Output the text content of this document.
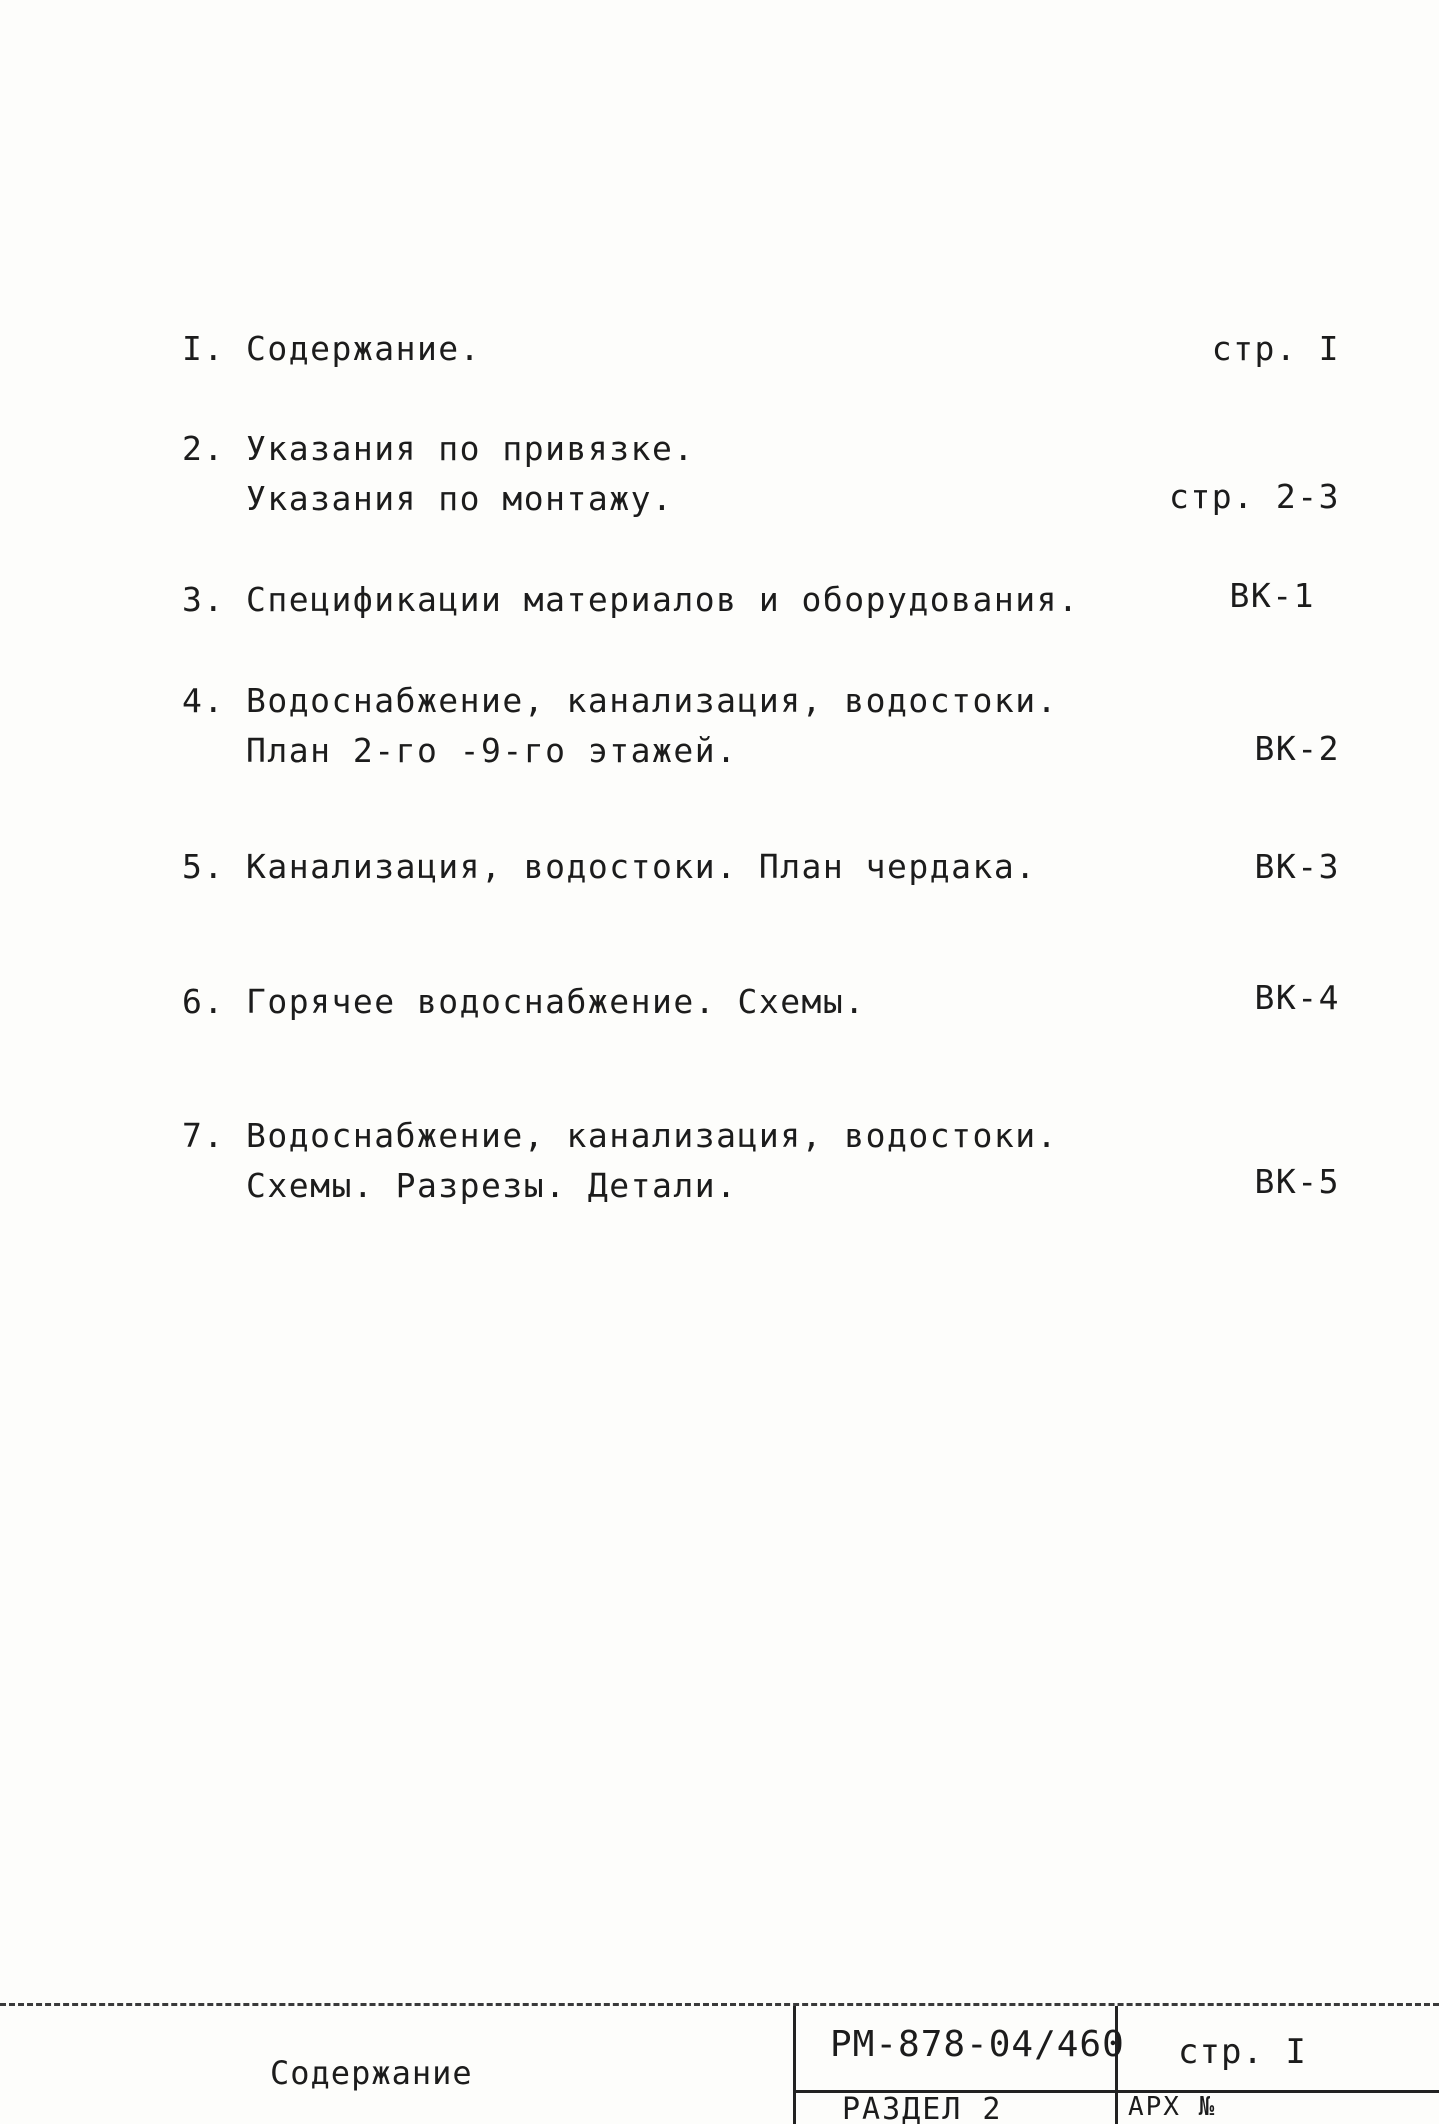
I. Содержание.	стр. I
2. Указания по привязке.
Указания по монтажу.	стр. 2-3
3. Спецификации материалов и оборудования.	ВК-1
4. Водоснабжение, канализация, водостоки.
План 2-го -9-го этажей.	ВК-2
5. Канализация, водостоки. План чердака.	ВК-3
6. Горячее водоснабжение. Схемы.	ВК-4
7. Водоснабжение, канализация, водостоки.
Схемы. Разрезы. Детали.	ВК-5
Содержание
РМ-878-04/460 стр. I
РАЗДЕЛ 2	АРХ №
